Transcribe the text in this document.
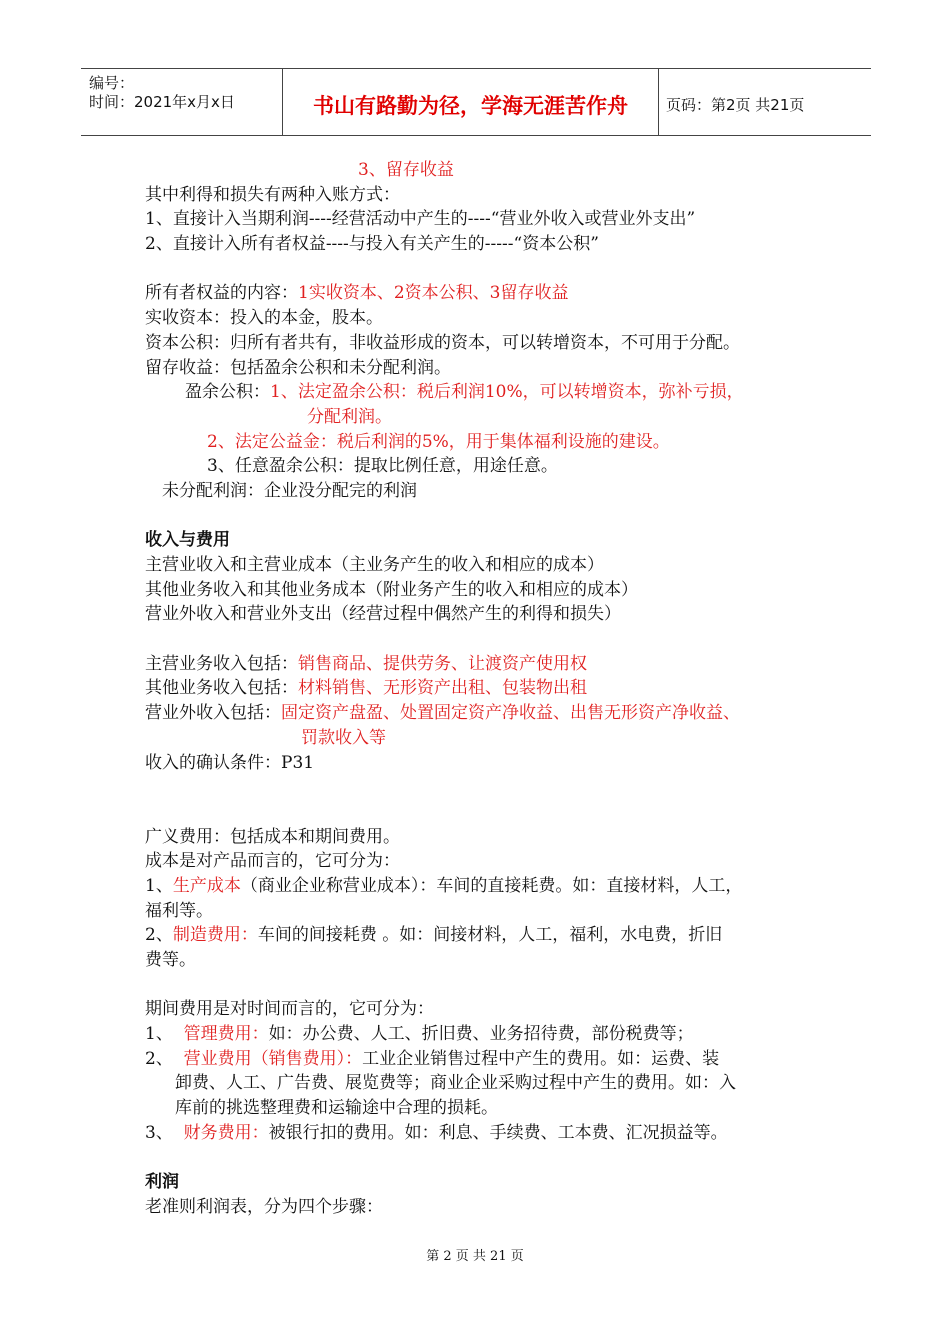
编号：
时间：2021年x月x日	书山有路勤为径，学海无涯苦作舟	页码：第2页 共21页
3、留存收益
其中利得和损失有两种入账方式：
1、直接计入当期利润----经营活动中产生的----“营业外收入或营业外支出”
2、直接计入所有者权益----与投入有关产生的-----“资本公积”
所有者权益的内容：1实收资本、2资本公积、3留存收益
实收资本：投入的本金，股本。
资本公积：归所有者共有，非收益形成的资本，可以转增资本，不可用于分配。
留存收益：包括盈余公积和未分配利润。
盈余公积：1、法定盈余公积：税后利润10%，可以转增资本，弥补亏损，
分配利润。
2、法定公益金：税后利润的5%，用于集体福利设施的建设。
3、任意盈余公积：提取比例任意，用途任意。
未分配利润：企业没分配完的利润
收入与费用
主营业收入和主营业成本（主业务产生的收入和相应的成本）
其他业务收入和其他业务成本（附业务产生的收入和相应的成本）
营业外收入和营业外支出（经营过程中偶然产生的利得和损失）
主营业务收入包括：销售商品、提供劳务、让渡资产使用权
其他业务收入包括：材料销售、无形资产出租、包装物出租
营业外收入包括：固定资产盘盈、处置固定资产净收益、出售无形资产净收益、
罚款收入等
收入的确认条件：P31
广义费用：包括成本和期间费用。
成本是对产品而言的，它可分为：
1、生产成本（商业企业称营业成本）：车间的直接耗费。如：直接材料，人工，
福利等。
2、制造费用：车间的间接耗费 。如：间接材料，人工，福利，水电费，折旧
费等。
期间费用是对时间而言的，它可分为：
1、 管理费用：如：办公费、人工、折旧费、业务招待费，部份税费等；
2、 营业费用（销售费用）：工业企业销售过程中产生的费用。如：运费、装
卸费、人工、广告费、展览费等；商业企业采购过程中产生的费用。如：入
库前的挑选整理费和运输途中合理的损耗。
3、 财务费用：被银行扣的费用。如：利息、手续费、工本费、汇况损益等。
利润
老准则利润表，分为四个步骤：
第 2 页 共 21 页
